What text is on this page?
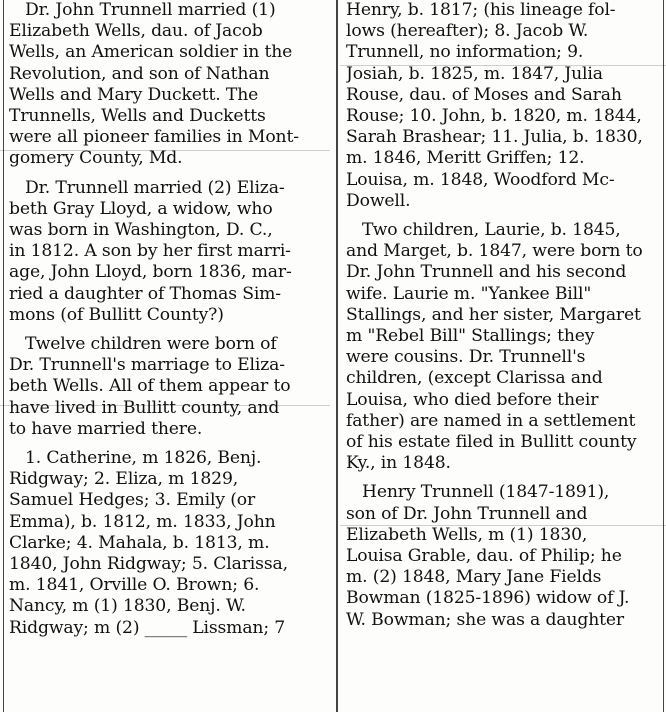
Dr. John Trunnell married (1)
Elizabeth Wells, dau. of Jacob
Wells, an American soldier in the
Revolution, and son of Nathan
Wells and Mary Duckett. The
Trunnells, Wells and Ducketts
were all pioneer families in Mont-
gomery County, Md.

Dr. Trunnell married (2) Eliza-
beth Gray Lloyd, a widow, who
was born in Washington, D. C.,
in 1812. A son by her first marri-
age, John Lloyd, born 1836, mar-
ried a daughter of Thomas Sim-
mons (of Bullitt County?)

Twelve children were born of
Dr. Trunnell's marriage to Eliza-
beth Wells. All of them appear to
have lived in Bullitt county, and
to have married there.

1. Catherine, m 1826, Benj.
Ridgway; 2. Eliza, m 1829,
Samuel Hedges; 3. Emily (or
Emma), b. 1812, m. 1833, John
Clarke; 4. Mahala, b. 1813, m.
1840, John Ridgway; 5. Clarissa,
m. 1841, Orville O. Brown; 6.
Nancy, m (1) 1830, Benj. W.
Ridgway; m (2) _____ Lissman; 7

Henry, b. 1817; (his lineage fol-
lows (hereafter); 8. Jacob W.
Trunnell, no information; 9.
Josiah, b. 1825, m. 1847, Julia
Rouse, dau. of Moses and Sarah
Rouse; 10. John, b. 1820, m. 1844,
Sarah Brashear; 11. Julia, b. 1830,
m. 1846, Meritt Griffen; 12.
Louisa, m. 1848, Woodford Mc-
Dowell.

Two children, Laurie, b. 1845,
and Marget, b. 1847, were born to
Dr. John Trunnell and his second
wife. Laurie m. "Yankee Bill"
Stallings, and her sister, Margaret
m "Rebel Bill" Stallings; they
were cousins. Dr. Trunnell's
children, (except Clarissa and
Louisa, who died before their
father) are named in a settlement
of his estate filed in Bullitt county
Ky., in 1848.

Henry Trunnell (1847-1891),
son of Dr. John Trunnell and
Elizabeth Wells, m (1) 1830,
Louisa Grable, dau. of Philip; he
m. (2) 1848, Mary Jane Fields
Bowman (1825-1896) widow of J.
W. Bowman; she was a daughter
